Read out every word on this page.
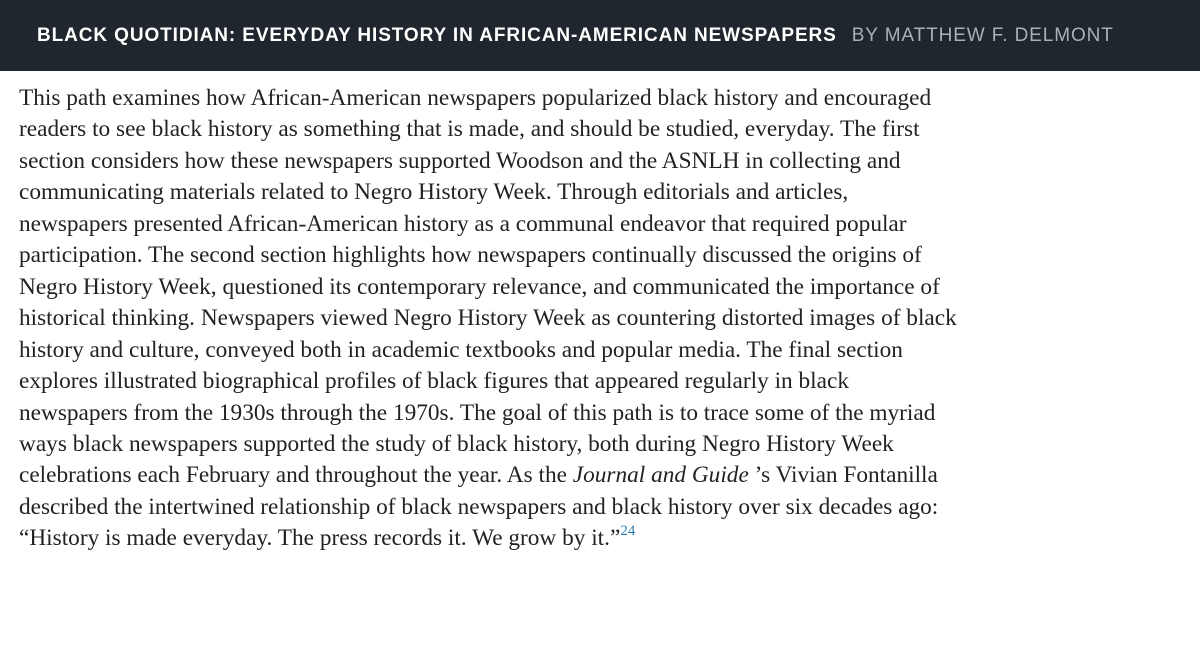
BLACK QUOTIDIAN: EVERYDAY HISTORY IN AFRICAN-AMERICAN NEWSPAPERS BY MATTHEW F. DELMONT

This path examines how African-American newspapers popularized black history and encouraged

readers to see black history as something that is made, and should be studied, everyday. The first

section considers how these newspapers supported Woodson and the ASNLH in collecting and

communicating materials related to Negro History Week. Through editorials and articles,

newspapers presented African-American history as a communal endeavor that required popular

participation. The second section highlights how newspapers continually discussed the origins of

Negro History Week, questioned its contemporary relevance, and communicated the importance of

historical thinking. Newspapers viewed Negro History Week as countering distorted images of black

history and culture, conveyed both in academic textbooks and popular media. The final section

explores illustrated biographical profiles of black figures that appeared regularly in black

newspapers from the 1930s through the 1970s. The goal of this path is to trace some of the myriad

ways black newspapers supported the study of black history, both during Negro History Week

celebrations each February and throughout the year. As the Journal and Guide ’s Vivian Fontanilla

described the intertwined relationship of black newspapers and black history over six decades ago:

“History is made everyday. The press records it. We grow by it.”$^{24}$
